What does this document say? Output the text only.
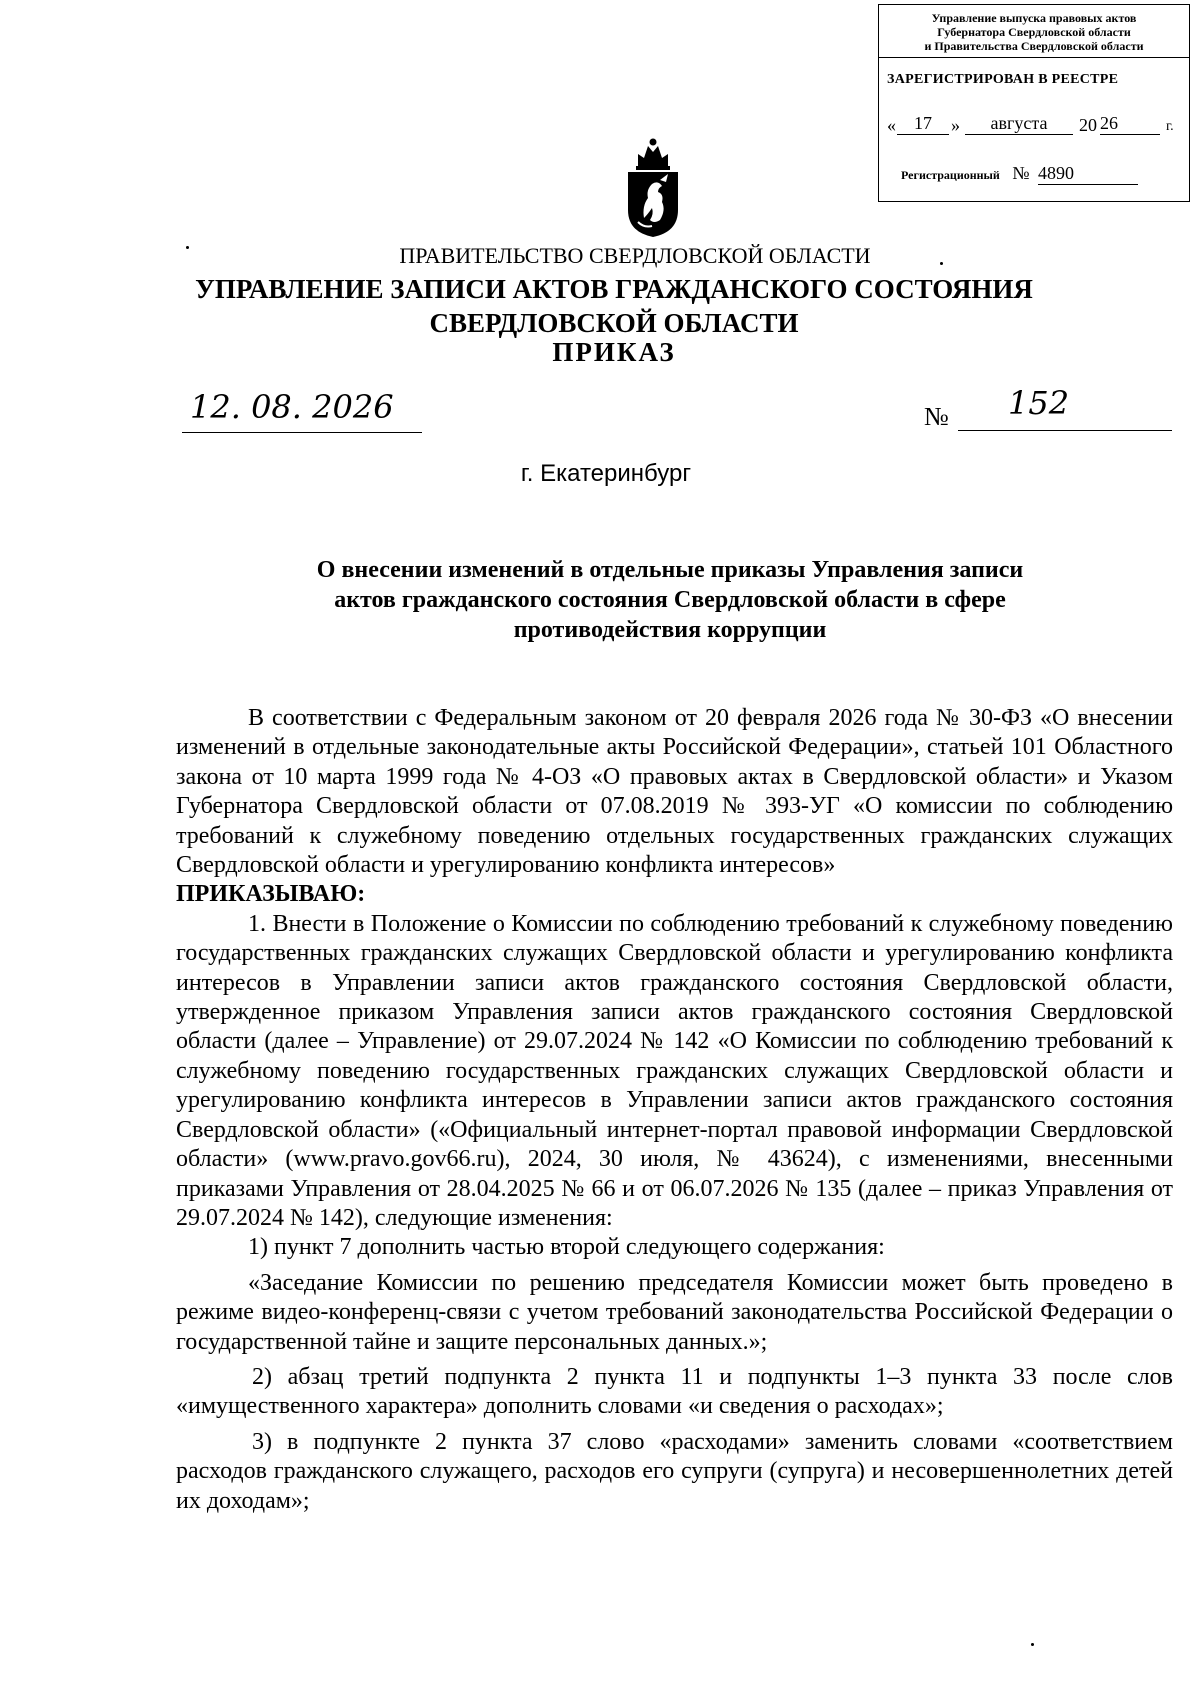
Управление выпуска правовых актов
Губернатора Свердловской области
и Правительства Свердловской области
ЗАРЕГИСТРИРОВАН В РЕЕСТРЕ
«	17	»	августа	20 26	г.
Регистрационный № 4890
ПРАВИТЕЛЬСТВО СВЕРДЛОВСКОЙ ОБЛАСТИ
УПРАВЛЕНИЕ ЗАПИСИ АКТОВ ГРАЖДАНСКОГО СОСТОЯНИЯ
СВЕРДЛОВСКОЙ ОБЛАСТИ
ПРИКАЗ
12. 08. 2026	№ 152
г. Екатеринбург
О внесении изменений в отдельные приказы Управления записи
актов гражданского состояния Свердловской области в сфере
противодействия коррупции

В соответствии с Федеральным законом от 20 февраля 2026 года № 30-ФЗ «О внесении изменений в отдельные законодательные акты Российской Федерации», статьей 101 Областного закона от 10 марта 1999 года № 4-ОЗ «О правовых актах в Свердловской области» и Указом Губернатора Свердловской области от 07.08.2019 № 393-УГ «О комиссии по соблюдению требований к служебному поведению отдельных государственных гражданских служащих Свердловской области и урегулированию конфликта интересов»

ПРИКАЗЫВАЮ:

1. Внести в Положение о Комиссии по соблюдению требований к служебному поведению государственных гражданских служащих Свердловской области и урегулированию конфликта интересов в Управлении записи актов гражданского состояния Свердловской области, утвержденное приказом Управления записи актов гражданского состояния Свердловской области (далее – Управление) от 29.07.2024 № 142 «О Комиссии по соблюдению требований к служебному поведению государственных гражданских служащих Свердловской области и урегулированию конфликта интересов в Управлении записи актов гражданского состояния Свердловской области» («Официальный интернет-портал правовой информации Свердловской области» (www.pravo.gov66.ru), 2024, 30 июля, № 43624), с изменениями, внесенными приказами Управления от 28.04.2025 № 66 и от 06.07.2026 № 135 (далее – приказ Управления от 29.07.2024 № 142), следующие изменения:

1) пункт 7 дополнить частью второй следующего содержания:

«Заседание Комиссии по решению председателя Комиссии может быть проведено в режиме видео-конференц-связи с учетом требований законодательства Российской Федерации о государственной тайне и защите персональных данных.»;

2) абзац третий подпункта 2 пункта 11 и подпункты 1–3 пункта 33 после слов «имущественного характера» дополнить словами «и сведения о расходах»;

3) в подпункте 2 пункта 37 слово «расходами» заменить словами «соответствием расходов гражданского служащего, расходов его супруги (супруга) и несовершеннолетних детей их доходам»;
